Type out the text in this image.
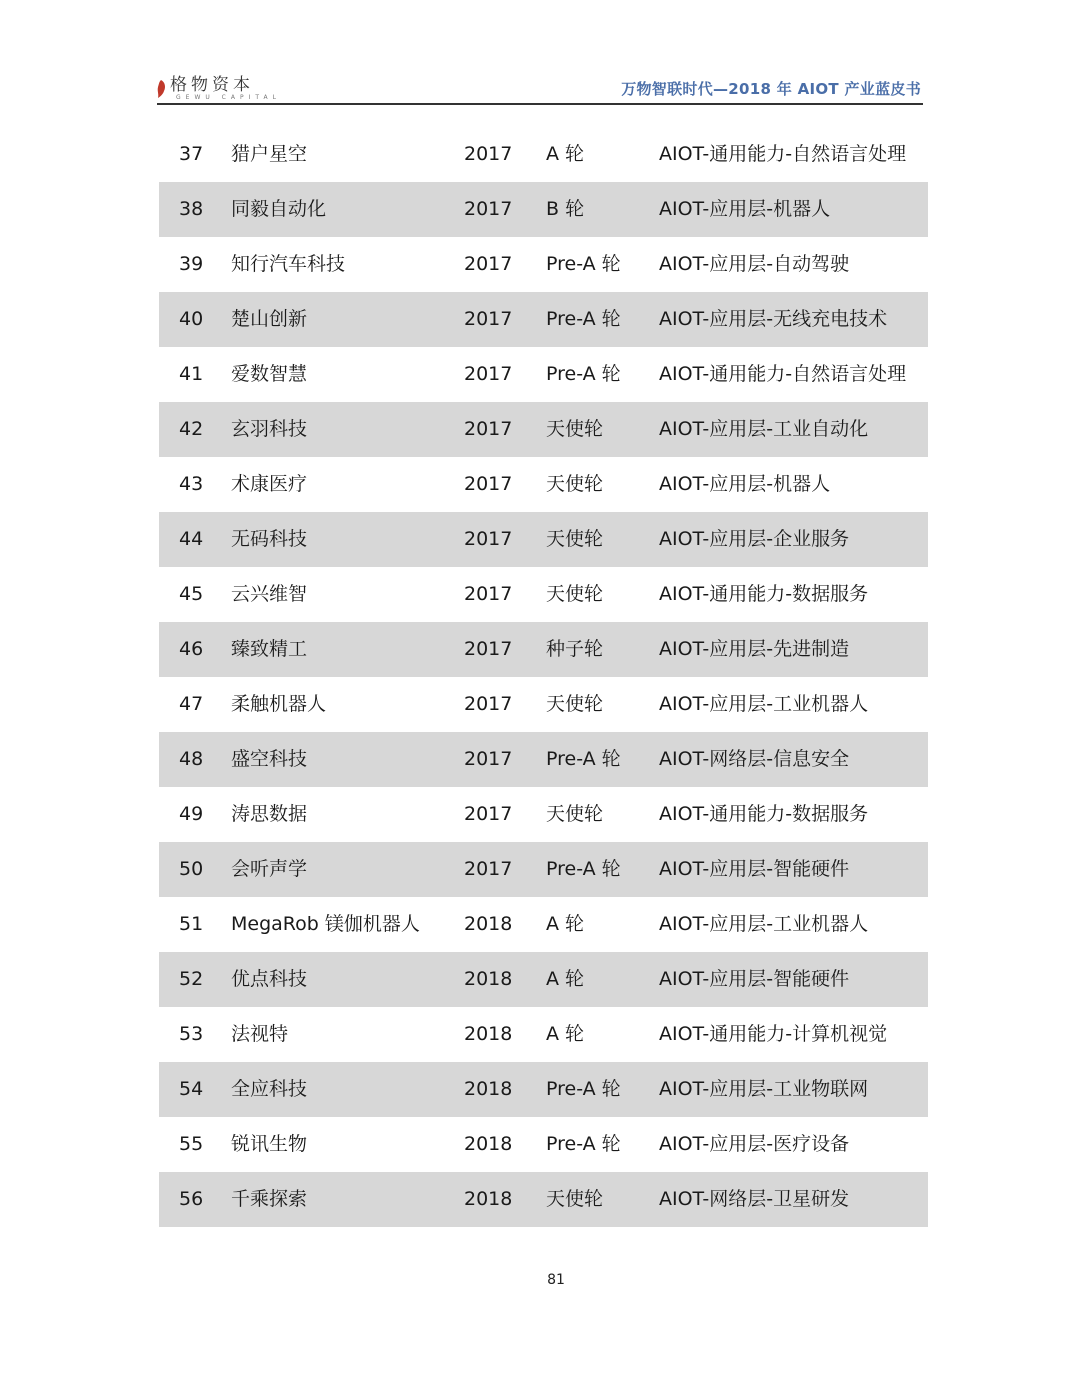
格物资本
GEWU CAPITAL	万物智联时代—2018 年 AIOT 产业蓝皮书
37 猎户星空	2017 A 轮	AIOT-通用能力-自然语言处理
38 同毅自动化	2017 B 轮	AIOT-应用层-机器人
39 知行汽车科技	2017 Pre-A 轮 AIOT-应用层-自动驾驶
40 楚山创新	2017 Pre-A 轮 AIOT-应用层-无线充电技术
41 爱数智慧	2017 Pre-A 轮 AIOT-通用能力-自然语言处理
42 玄羽科技	2017 天使轮	AIOT-应用层-工业自动化
43 术康医疗	2017 天使轮	AIOT-应用层-机器人
44 无码科技	2017 天使轮	AIOT-应用层-企业服务
45 云兴维智	2017 天使轮	AIOT-通用能力-数据服务
46 臻致精工	2017 种子轮	AIOT-应用层-先进制造
47 柔触机器人	2017 天使轮	AIOT-应用层-工业机器人
48 盛空科技	2017 Pre-A 轮 AIOT-网络层-信息安全
49 涛思数据	2017 天使轮	AIOT-通用能力-数据服务
50 会听声学	2017 Pre-A 轮 AIOT-应用层-智能硬件
51 MegaRob 镁伽机器人 2018 A 轮	AIOT-应用层-工业机器人
52 优点科技	2018 A 轮	AIOT-应用层-智能硬件
53 法视特	2018 A 轮	AIOT-通用能力-计算机视觉
54 全应科技	2018 Pre-A 轮 AIOT-应用层-工业物联网
55 锐讯生物	2018 Pre-A 轮 AIOT-应用层-医疗设备
56 千乘探索	2018 天使轮	AIOT-网络层-卫星研发
81
